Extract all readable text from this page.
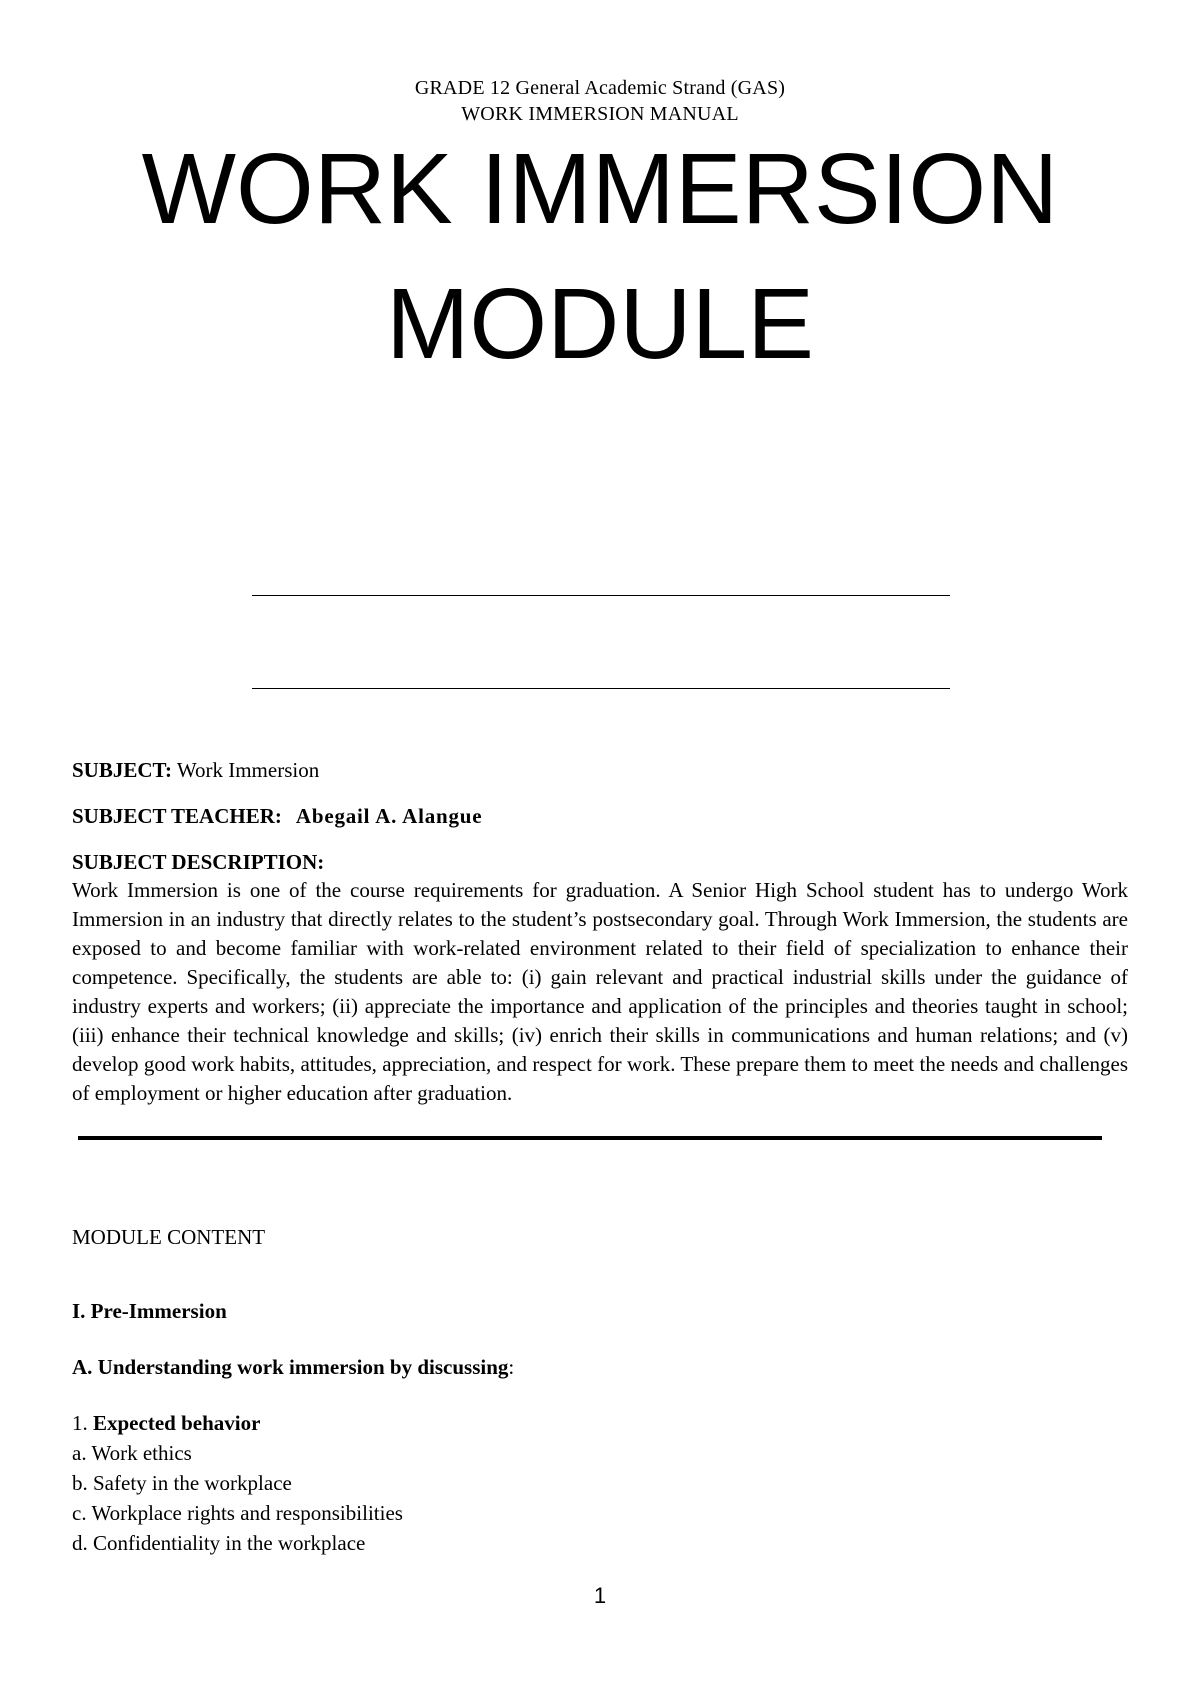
GRADE 12 General Academic Strand (GAS)
WORK IMMERSION MANUAL
WORK IMMERSION
MODULE
SUBJECT: Work Immersion
SUBJECT TEACHER: Abegail A. Alangue
SUBJECT DESCRIPTION:

Work Immersion is one of the course requirements for graduation. A Senior High School student has to undergo Work Immersion in an industry that directly relates to the student’s postsecondary goal. Through Work Immersion, the students are exposed to and become familiar with work-related environment related to their field of specialization to enhance their competence. Specifically, the students are able to: (i) gain relevant and practical industrial skills under the guidance of industry experts and workers; (ii) appreciate the importance and application of the principles and theories taught in school; (iii) enhance their technical knowledge and skills; (iv) enrich their skills in communications and human relations; and (v) develop good work habits, attitudes, appreciation, and respect for work. These prepare them to meet the needs and challenges of employment or higher education after graduation.

MODULE CONTENT
I. Pre-Immersion
A. Understanding work immersion by discussing:
1. Expected behavior
a. Work ethics
b. Safety in the workplace
c. Workplace rights and responsibilities
d. Confidentiality in the workplace
1
